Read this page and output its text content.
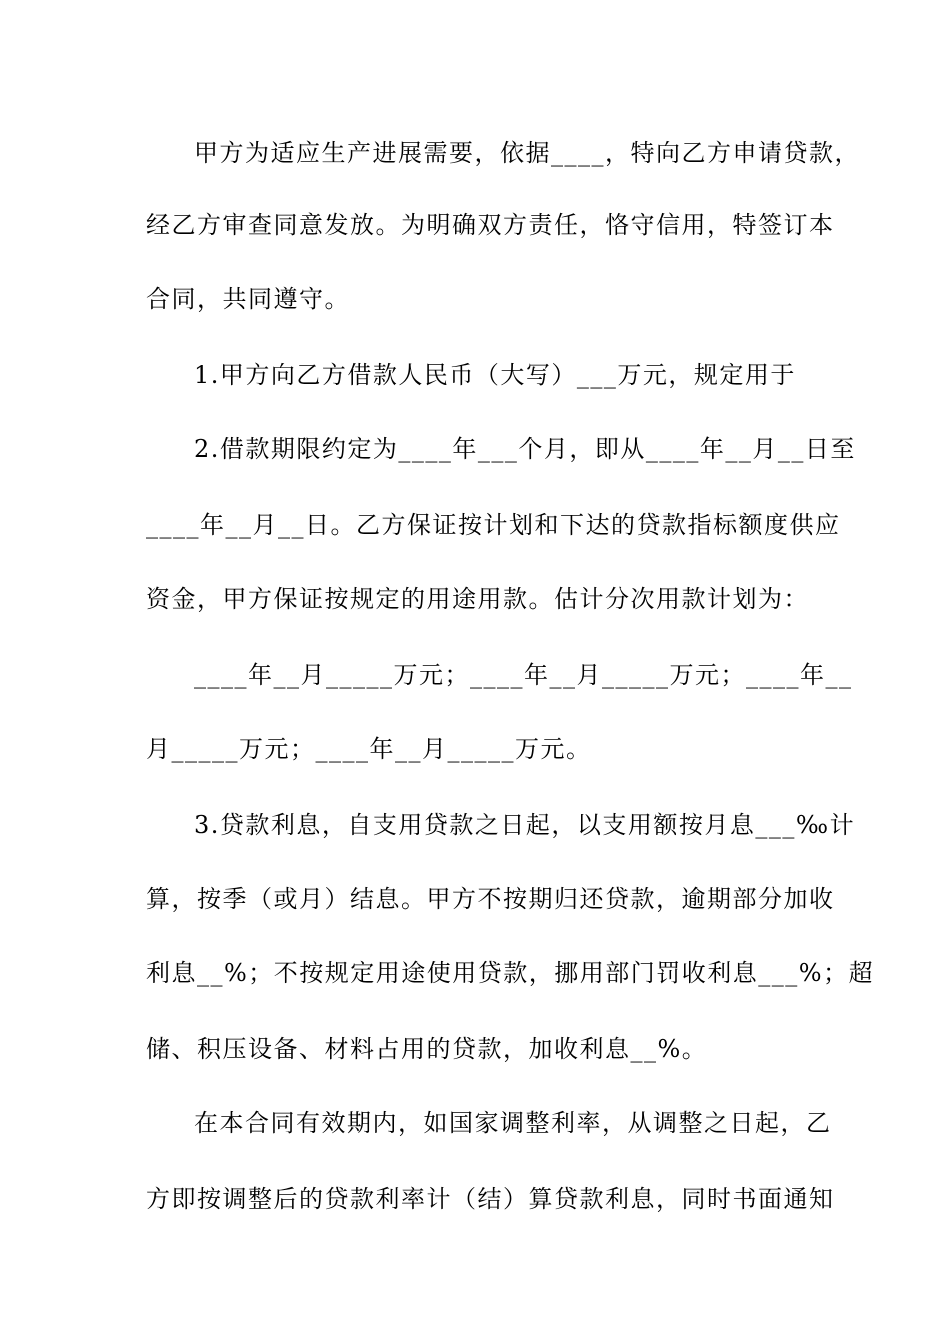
甲方为适应生产进展需要，依据____，特向乙方申请贷款，
经乙方审查同意发放。为明确双方责任，恪守信用，特签订本
合同，共同遵守。
1.甲方向乙方借款人民币（大写）___万元，规定用于
2.借款期限约定为____年___个月，即从____年__月__日至
____年__月__日。乙方保证按计划和下达的贷款指标额度供应
资金，甲方保证按规定的用途用款。估计分次用款计划为：
____年__月_____万元；____年__月_____万元；____年__
月_____万元；____年__月_____万元。
3.贷款利息，自支用贷款之日起，以支用额按月息___‰计
算，按季（或月）结息。甲方不按期归还贷款，逾期部分加收
利息__%；不按规定用途使用贷款，挪用部门罚收利息___%；超
储、积压设备、材料占用的贷款，加收利息__%。
在本合同有效期内，如国家调整利率，从调整之日起，乙
方即按调整后的贷款利率计（结）算贷款利息，同时书面通知
